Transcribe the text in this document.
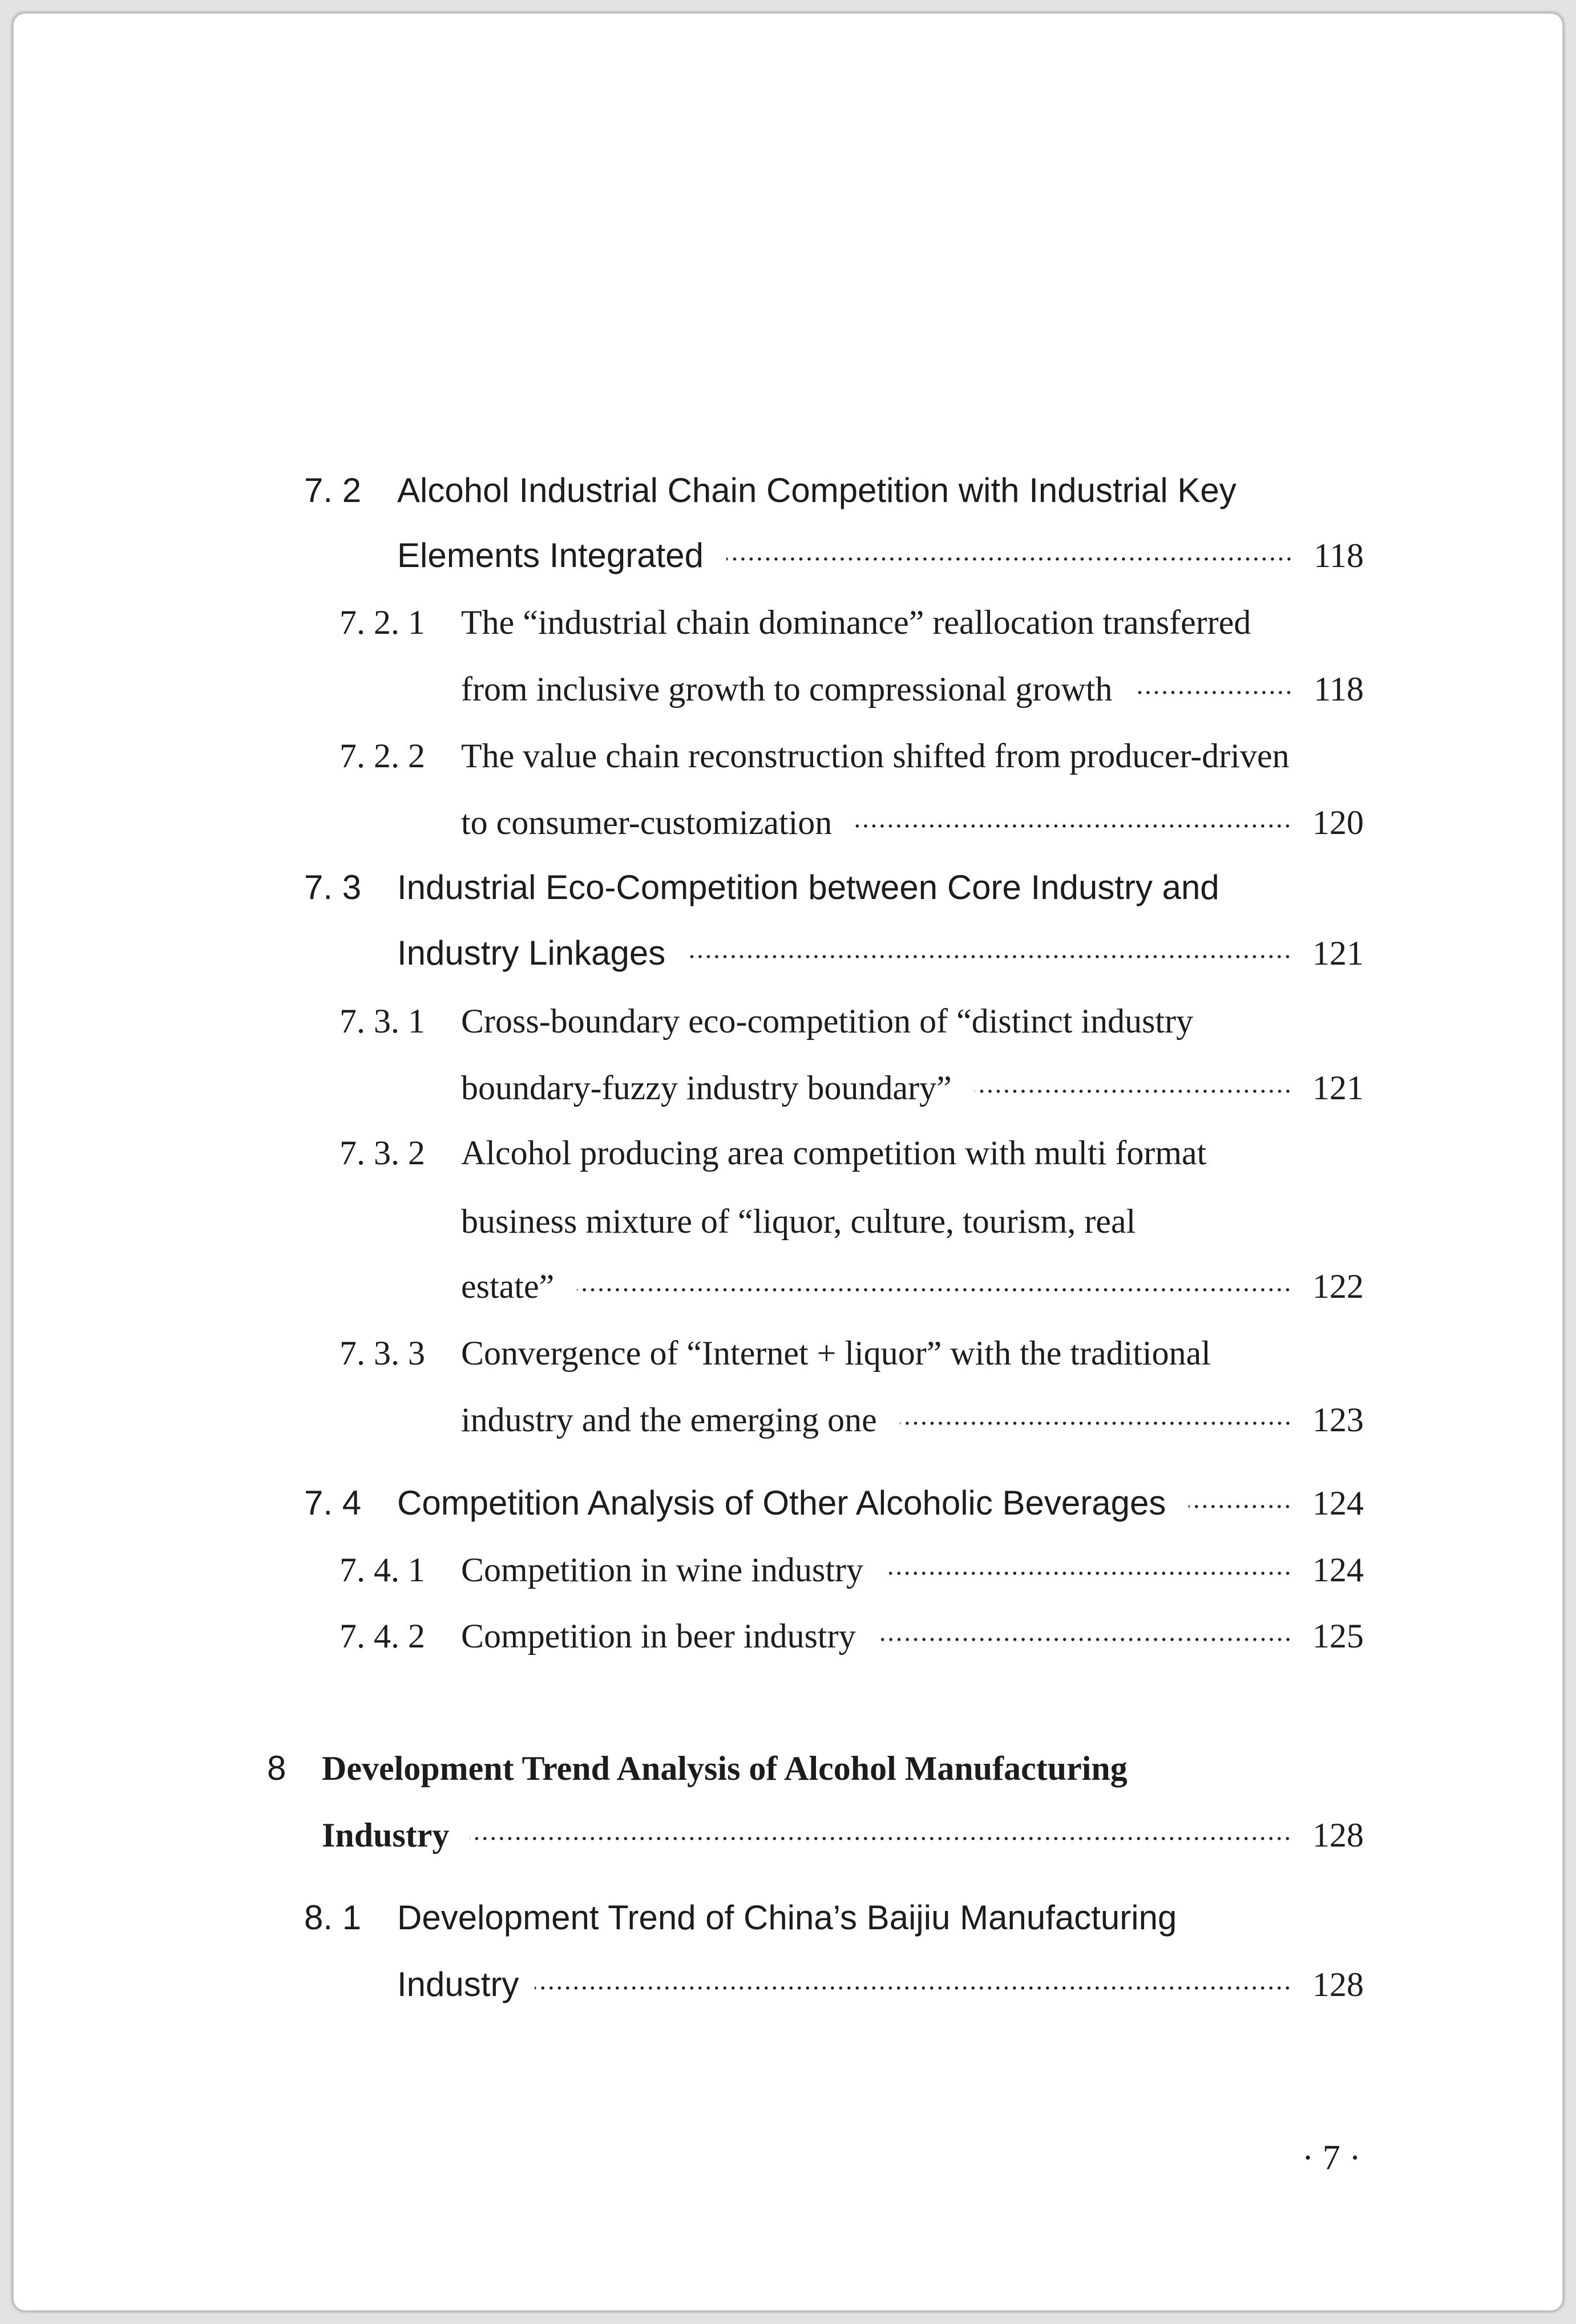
7. 2 Alcohol Industrial Chain Competition with Industrial Key
Elements Integrated	118
7. 2. 1 The “industrial chain dominance” reallocation transferred
from inclusive growth to compressional growth	118
7. 2. 2 The value chain reconstruction shifted from producer-driven
to consumer-customization	120
7. 3 Industrial Eco-Competition between Core Industry and
Industry Linkages	121
7. 3. 1 Cross-boundary eco-competition of “distinct industry
boundary-fuzzy industry boundary”	121
7. 3. 2 Alcohol producing area competition with multi format
business mixture of “liquor, culture, tourism, real
estate”	122
7. 3. 3 Convergence of “Internet + liquor” with the traditional
industry and the emerging one	123
7. 4 Competition Analysis of Other Alcoholic Beverages	124
7. 4. 1 Competition in wine industry	124
7. 4. 2 Competition in beer industry	125
8 Development Trend Analysis of Alcohol Manufacturing
Industry	128
8. 1 Development Trend of China’s Baijiu Manufacturing
Industry	128
· 7 ·
